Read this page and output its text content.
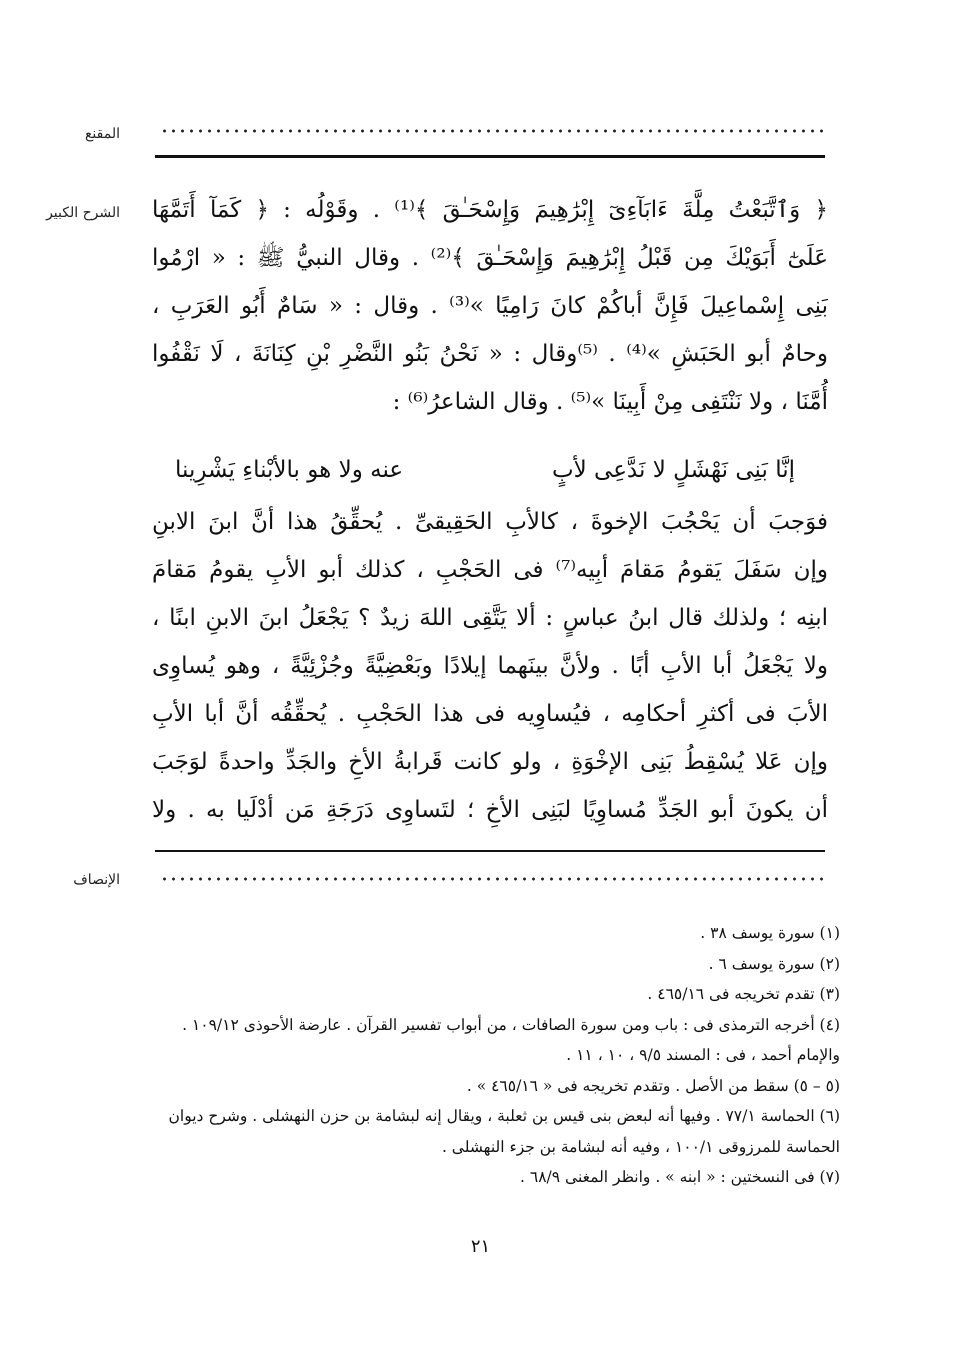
المقنع
الشرح الكبير ﴿ وَٱتَّبَعْتُ مِلَّةَ ءَابَآءِىٓ إِبْرَٰهِيمَ وَإِسْحَـٰقَ ﴾⁽¹⁾ . وقَوْلُه : ﴿ كَمَآ أَتَمَّهَا
عَلَىٰٓ أَبَوَيْكَ مِن قَبْلُ إِبْرَٰهِيمَ وَإِسْحَـٰقَ ﴾⁽²⁾ . وقال النبيُّ ﷺ : « ارْمُوا
بَنِى إِسْماعِيلَ فَإِنَّ أباكُمْ كانَ رَامِيًا »⁽³⁾ . وقال : « سَامٌ أَبُو العَرَبِ ،
وحامٌ أبو الحَبَشِ »⁽⁴⁾ . ⁽⁵⁾وقال : « نَحْنُ بَنُو النَّضْرِ بْنِ كِنَانَةَ ، لَا نَقْفُوا
أُمَّنَا ، ولا نَنْتَفِى مِنْ أَبِينَا »⁽⁵⁾ . وقال الشاعرُ⁽⁶⁾ :
إنَّا بَنِى نَهْشَلٍ لا نَدَّعِى لأبٍ
عنه ولا هو بالأبْناءِ يَشْرِينا
فوَجبَ أن يَحْجُبَ الإخوةَ ، كالأبِ الحَقِيقىِّ . يُحقِّقُ هذا أنَّ ابنَ الابنِ
وإن سَفَلَ يَقومُ مَقامَ أبِيه⁽⁷⁾ فى الحَجْبِ ، كذلك أبو الأبِ يقومُ مَقامَ
ابنِه ؛ ولذلك قال ابنُ عباسٍ : ألا يَتَّقِى اللهَ زيدٌ ؟ يَجْعَلُ ابنَ الابنِ ابنًا ،
ولا يَجْعَلُ أبا الأبِ أبًا . ولأنَّ بينَهما إيلادًا وبَعْضِيَّةً وجُزْئِيَّةً ، وهو يُساوِى
الأبَ فى أكثرِ أحكامِه ، فيُساوِيه فى هذا الحَجْبِ . يُحقِّقُه أنَّ أبا الأبِ
وإن عَلا يُسْقِطُ بَنِى الإخْوَةِ ، ولو كانت قَرابةُ الأخِ والجَدِّ واحدةً لوَجَبَ
أن يكونَ أبو الجَدِّ مُساوِيًا لبَنِى الأخِ ؛ لتَساوِى دَرَجَةِ مَن أدْلَيا به . ولا
الإنصاف
(١) سورة يوسف ٣٨ .
(٢) سورة يوسف ٦ .
(٣) تقدم تخريجه فى ٤٦٥/١٦ .
(٤) أخرجه الترمذى فى : باب ومن سورة الصافات ، من أبواب تفسير القرآن . عارضة الأحوذى ١٠٩/١٢ .
والإمام أحمد ، فى : المسند ٩/٥ ، ١٠ ، ١١ .
(٥ – ٥) سقط من الأصل . وتقدم تخريجه فى « ٤٦٥/١٦ » .
(٦) الحماسة ٧٧/١ . وفيها أنه لبعض بنى قيس بن ثعلبة ، ويقال إنه لبشامة بن حزن النهشلى . وشرح ديوان
الحماسة للمرزوقى ١٠٠/١ ، وفيه أنه لبشامة بن جزء النهشلى .
(٧) فى النسختين : « ابنه » . وانظر المغنى ٦٨/٩ .
٢١
